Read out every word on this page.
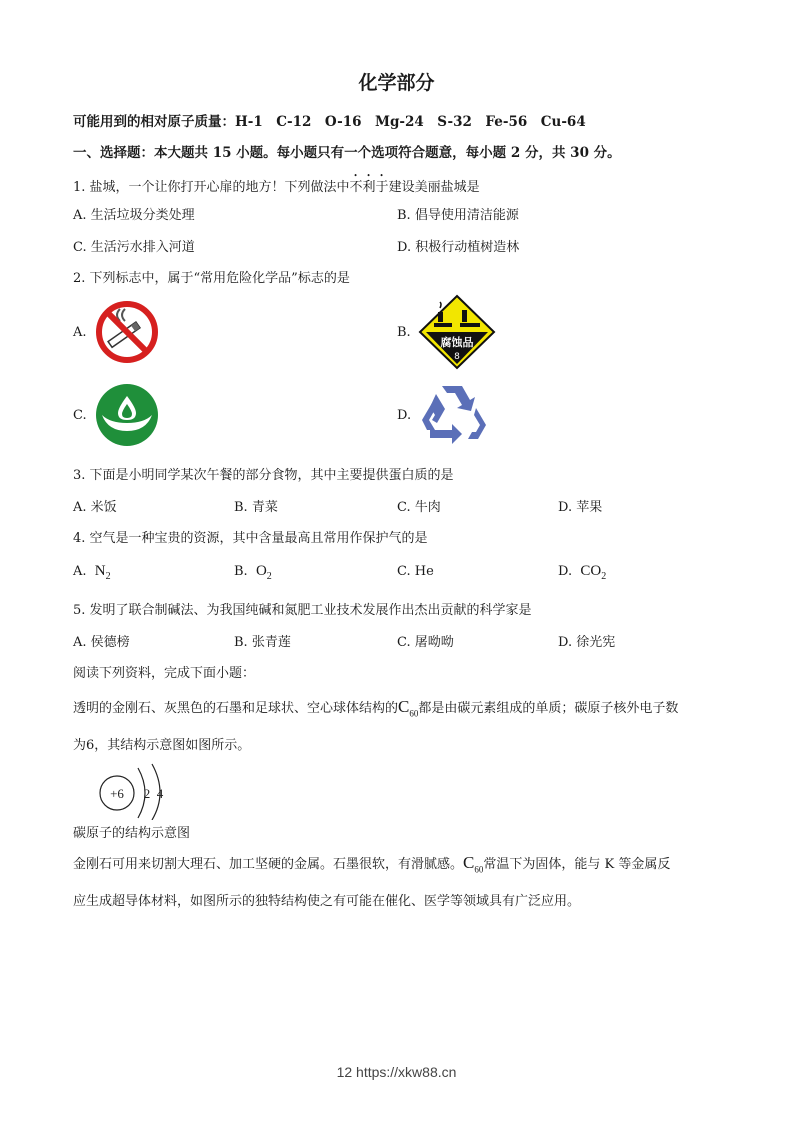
化学部分
可能用到的相对原子质量：H-1　C-12　O-16　Mg-24　S-32　Fe-56　Cu-64
一、选择题：本大题共 15 小题。每小题只有一个选项符合题意，每小题 2 分，共 30 分。
1. 盐城，一个让你打开心扉的地方！下列做法中不利于建设美丽盐城是
A. 生活垃圾分类处理	B. 倡导使用清洁能源
C. 生活污水排入河道	D. 积极行动植树造林
2. 下列标志中，属于“常用危险化学品”标志的是
A.	B.
腐蚀品
8
C.	D.
3. 下面是小明同学某次午餐的部分食物，其中主要提供蛋白质的是
A. 米饭	B. 青菜	C. 牛肉	D. 苹果
4. 空气是一种宝贵的资源，其中含量最高且常用作保护气的是
A. $N_2$	B. $O_2$	C. He	D. $CO_2$
5. 发明了联合制碱法、为我国纯碱和氮肥工业技术发展作出杰出贡献的科学家是
A. 侯德榜	B. 张青莲	C. 屠呦呦	D. 徐光宪
阅读下列资料，完成下面小题：
透明的金刚石、灰黑色的石墨和足球状、空心球体结构的$C_{60}$都是由碳元素组成的单质；碳原子核外电子数
为6，其结构示意图如图所示。
+6 2 4
碳原子的结构示意图
金刚石可用来切割大理石、加工坚硬的金属。石墨很软，有滑腻感。$C_{60}$常温下为固体，能与 K 等金属反
应生成超导体材料，如图所示的独特结构使之有可能在催化、医学等领域具有广泛应用。
12 https://xkw88.cn
